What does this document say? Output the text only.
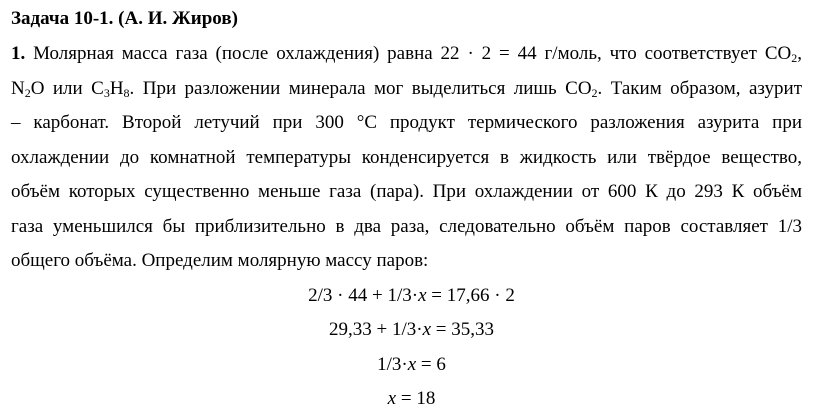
Задача 10-1. (А. И. Жиров)
1. Молярная масса газа (после охлаждения) равна 22 · 2 = 44 г/моль, что соответствует $CO_2$,
$N_2O$ или $C_3H_8$. При разложении минерала мог выделиться лишь $CO_2$. Таким образом, азурит
– карбонат. Второй летучий при 300 °C продукт термического разложения азурита при
охлаждении до комнатной температуры конденсируется в жидкость или твёрдое вещество,
объём которых существенно меньше газа (пара). При охлаждении от 600 К до 293 К объём
газа уменьшился бы приблизительно в два раза, следовательно объём паров составляет 1/3
общего объёма. Определим молярную массу паров:
2/3 · 44 + 1/3·x = 17,66 · 2
29,33 + 1/3·x = 35,33
1/3·x = 6
x = 18
